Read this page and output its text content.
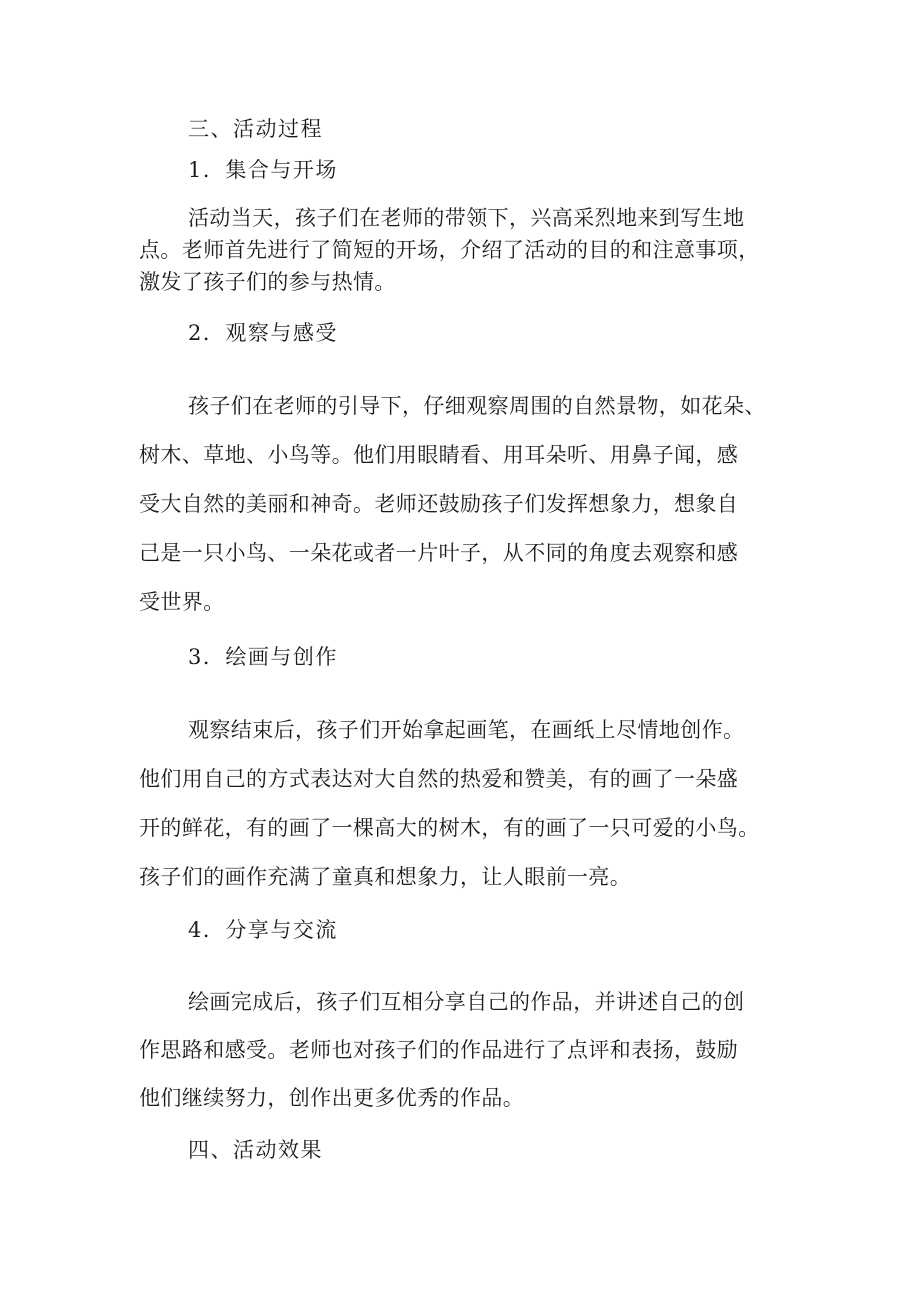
三、活动过程
1．集合与开场
活动当天，孩子们在老师的带领下，兴高采烈地来到写生地
点。老师首先进行了简短的开场，介绍了活动的目的和注意事项，
激发了孩子们的参与热情。
2．观察与感受
孩子们在老师的引导下，仔细观察周围的自然景物，如花朵、
树木、草地、小鸟等。他们用眼睛看、用耳朵听、用鼻子闻，感
受大自然的美丽和神奇。老师还鼓励孩子们发挥想象力，想象自
己是一只小鸟、一朵花或者一片叶子，从不同的角度去观察和感
受世界。
3．绘画与创作
观察结束后，孩子们开始拿起画笔，在画纸上尽情地创作。
他们用自己的方式表达对大自然的热爱和赞美，有的画了一朵盛
开的鲜花，有的画了一棵高大的树木，有的画了一只可爱的小鸟。
孩子们的画作充满了童真和想象力，让人眼前一亮。
4．分享与交流
绘画完成后，孩子们互相分享自己的作品，并讲述自己的创
作思路和感受。老师也对孩子们的作品进行了点评和表扬，鼓励
他们继续努力，创作出更多优秀的作品。
四、活动效果
